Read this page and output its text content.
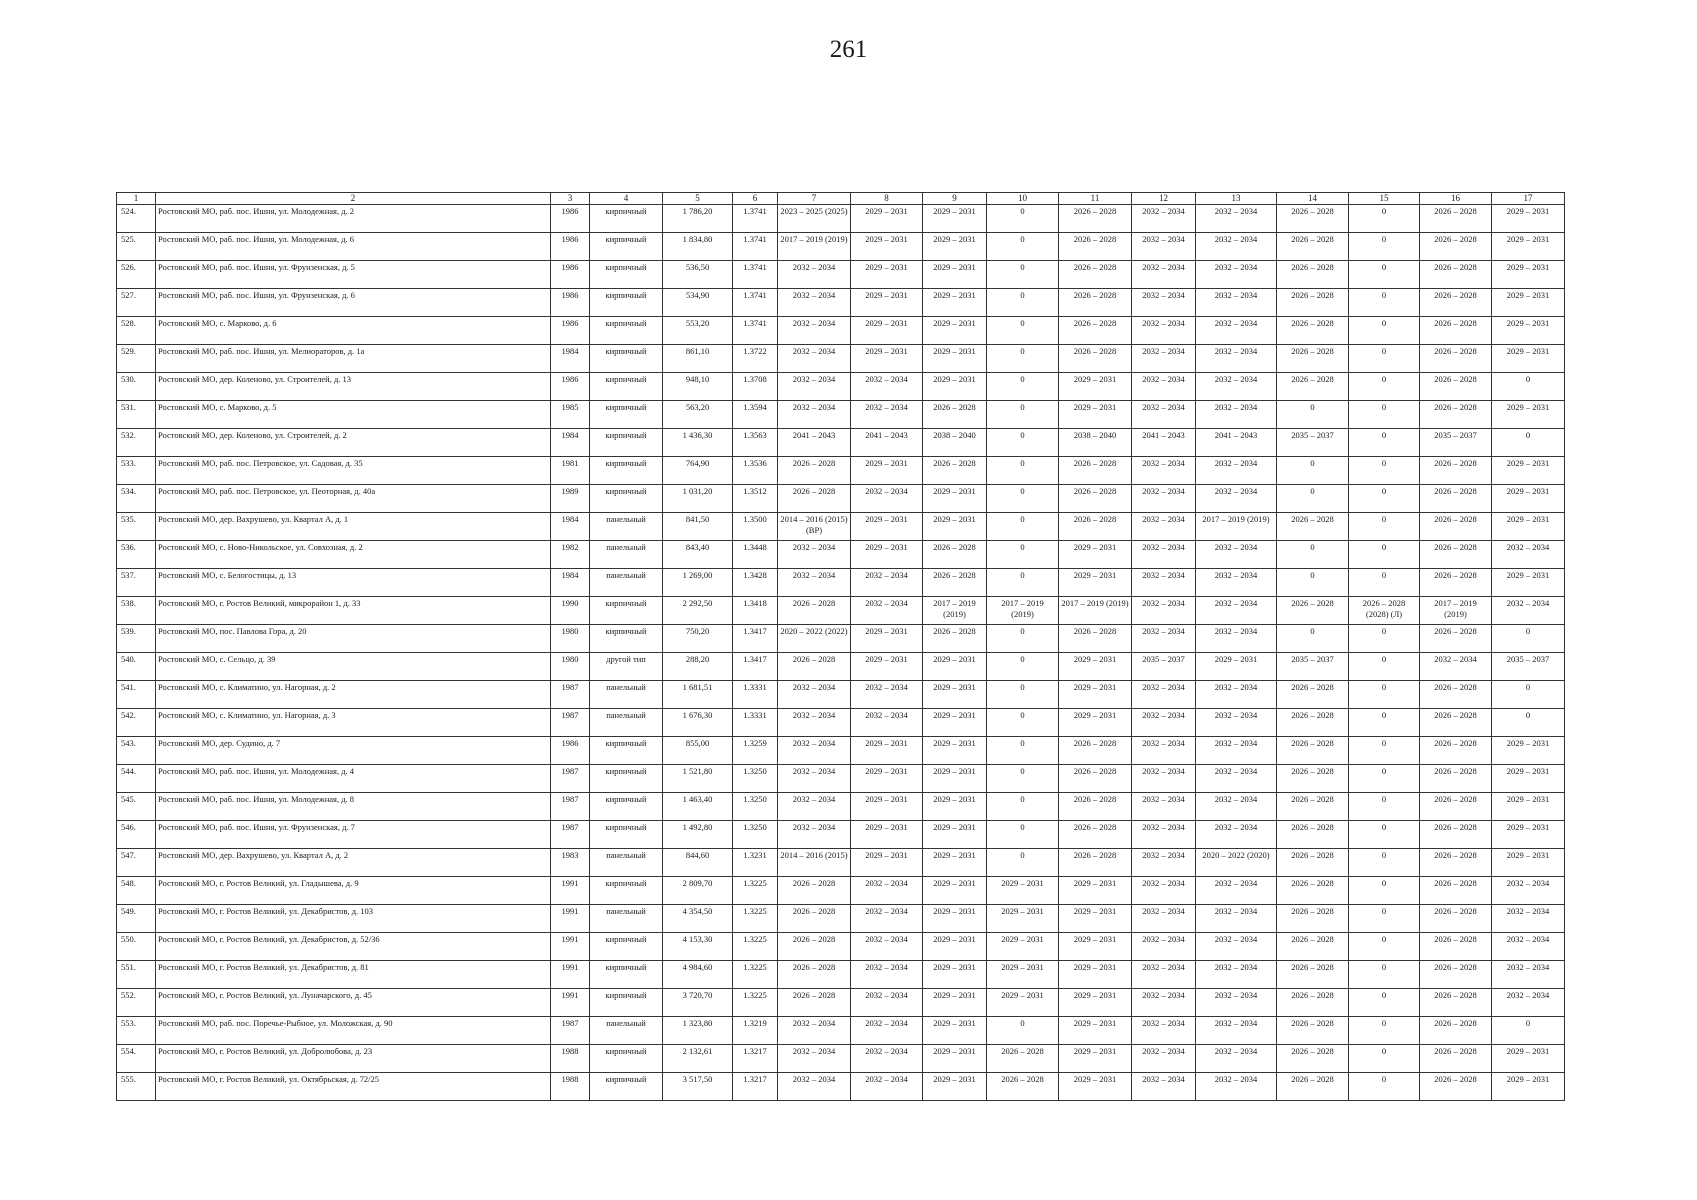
261
1	2	3	4	5	6	7	8	9	10	11	12	13	14	15	16	17
524.	Ростовский МО, раб. пос. Ишня, ул. Молодежная, д. 2	1986	кирпичный	1 786,20	1.3741	2023 – 2025 (2025)	2029 – 2031	2029 – 2031	0	2026 – 2028	2032 – 2034	2032 – 2034	2026 – 2028	0	2026 – 2028	2029 – 2031
525.	Ростовский МО, раб. пос. Ишня, ул. Молодежная, д. 6	1986	кирпичный	1 834,80	1.3741	2017 – 2019 (2019)	2029 – 2031	2029 – 2031	0	2026 – 2028	2032 – 2034	2032 – 2034	2026 – 2028	0	2026 – 2028	2029 – 2031
526.	Ростовский МО, раб. пос. Ишня, ул. Фрунзенская, д. 5	1986	кирпичный	536,50	1.3741	2032 – 2034	2029 – 2031	2029 – 2031	0	2026 – 2028	2032 – 2034	2032 – 2034	2026 – 2028	0	2026 – 2028	2029 – 2031
527.	Ростовский МО, раб. пос. Ишня, ул. Фрунзенская, д. 6	1986	кирпичный	534,90	1.3741	2032 – 2034	2029 – 2031	2029 – 2031	0	2026 – 2028	2032 – 2034	2032 – 2034	2026 – 2028	0	2026 – 2028	2029 – 2031
528.	Ростовский МО, с. Марково, д. 6	1986	кирпичный	553,20	1.3741	2032 – 2034	2029 – 2031	2029 – 2031	0	2026 – 2028	2032 – 2034	2032 – 2034	2026 – 2028	0	2026 – 2028	2029 – 2031
529.	Ростовский МО, раб. пос. Ишня, ул. Мелиораторов, д. 1а	1984	кирпичный	861,10	1.3722	2032 – 2034	2029 – 2031	2029 – 2031	0	2026 – 2028	2032 – 2034	2032 – 2034	2026 – 2028	0	2026 – 2028	2029 – 2031
530.	Ростовский МО, дер. Коленово, ул. Строителей, д. 13	1986	кирпичный	948,10	1.3708	2032 – 2034	2032 – 2034	2029 – 2031	0	2029 – 2031	2032 – 2034	2032 – 2034	2026 – 2028	0	2026 – 2028	0
531.	Ростовский МО, с. Марково, д. 5	1985	кирпичный	563,20	1.3594	2032 – 2034	2032 – 2034	2026 – 2028	0	2029 – 2031	2032 – 2034	2032 – 2034	0	0	2026 – 2028	2029 – 2031
532.	Ростовский МО, дер. Коленово, ул. Строителей, д. 2	1984	кирпичный	1 436,30	1.3563	2041 – 2043	2041 – 2043	2038 – 2040	0	2038 – 2040	2041 – 2043	2041 – 2043	2035 – 2037	0	2035 – 2037	0
533.	Ростовский МО, раб. пос. Петровское, ул. Садовая, д. 35	1981	кирпичный	764,90	1.3536	2026 – 2028	2029 – 2031	2026 – 2028	0	2026 – 2028	2032 – 2034	2032 – 2034	0	0	2026 – 2028	2029 – 2031
534.	Ростовский МО, раб. пос. Петровское, ул. Пеоторная, д. 40а	1989	кирпичный	1 031,20	1.3512	2026 – 2028	2032 – 2034	2029 – 2031	0	2026 – 2028	2032 – 2034	2032 – 2034	0	0	2026 – 2028	2029 – 2031
535.	Ростовский МО, дер. Вахрушево, ул. Квартал А, д. 1	1984	панельный	841,50	1.3500	2014 – 2016 (2015) (ВР)	2029 – 2031	2029 – 2031	0	2026 – 2028	2032 – 2034	2017 – 2019 (2019)	2026 – 2028	0	2026 – 2028	2029 – 2031
536.	Ростовский МО, с. Ново-Никольское, ул. Совхозная, д. 2	1982	панельный	843,40	1.3448	2032 – 2034	2029 – 2031	2026 – 2028	0	2029 – 2031	2032 – 2034	2032 – 2034	0	0	2026 – 2028	2032 – 2034
537.	Ростовский МО, с. Белогостицы, д. 13	1984	панельный	1 269,00	1.3428	2032 – 2034	2032 – 2034	2026 – 2028	0	2029 – 2031	2032 – 2034	2032 – 2034	0	0	2026 – 2028	2029 – 2031
538.	Ростовский МО, г. Ростов Великий, микрорайон 1, д. 33	1990	кирпичный	2 292,50	1.3418	2026 – 2028	2032 – 2034	2017 – 2019 (2019)	2017 – 2019 (2019)	2017 – 2019 (2019)	2032 – 2034	2032 – 2034	2026 – 2028	2026 – 2028 (2028) (Л)	2017 – 2019 (2019)	2032 – 2034
539.	Ростовский МО, пос. Павлова Гора, д. 20	1980	кирпичный	750,20	1.3417	2020 – 2022 (2022)	2029 – 2031	2026 – 2028	0	2026 – 2028	2032 – 2034	2032 – 2034	0	0	2026 – 2028	0
540.	Ростовский МО, с. Сельцо, д. 39	1980	другой тип	288,20	1.3417	2026 – 2028	2029 – 2031	2029 – 2031	0	2029 – 2031	2035 – 2037	2029 – 2031	2035 – 2037	0	2032 – 2034	2035 – 2037
541.	Ростовский МО, с. Климатино, ул. Нагорная, д. 2	1987	панельный	1 681,51	1.3331	2032 – 2034	2032 – 2034	2029 – 2031	0	2029 – 2031	2032 – 2034	2032 – 2034	2026 – 2028	0	2026 – 2028	0
542.	Ростовский МО, с. Климатино, ул. Нагорная, д. 3	1987	панельный	1 676,30	1.3331	2032 – 2034	2032 – 2034	2029 – 2031	0	2029 – 2031	2032 – 2034	2032 – 2034	2026 – 2028	0	2026 – 2028	0
543.	Ростовский МО, дер. Судино, д. 7	1986	кирпичный	855,00	1.3259	2032 – 2034	2029 – 2031	2029 – 2031	0	2026 – 2028	2032 – 2034	2032 – 2034	2026 – 2028	0	2026 – 2028	2029 – 2031
544.	Ростовский МО, раб. пос. Ишня, ул. Молодежная, д. 4	1987	кирпичный	1 521,80	1.3250	2032 – 2034	2029 – 2031	2029 – 2031	0	2026 – 2028	2032 – 2034	2032 – 2034	2026 – 2028	0	2026 – 2028	2029 – 2031
545.	Ростовский МО, раб. пос. Ишня, ул. Молодежная, д. 8	1987	кирпичный	1 463,40	1.3250	2032 – 2034	2029 – 2031	2029 – 2031	0	2026 – 2028	2032 – 2034	2032 – 2034	2026 – 2028	0	2026 – 2028	2029 – 2031
546.	Ростовский МО, раб. пос. Ишня, ул. Фрунзенская, д. 7	1987	кирпичный	1 492,80	1.3250	2032 – 2034	2029 – 2031	2029 – 2031	0	2026 – 2028	2032 – 2034	2032 – 2034	2026 – 2028	0	2026 – 2028	2029 – 2031
547.	Ростовский МО, дер. Вахрушево, ул. Квартал А, д. 2	1983	панельный	844,60	1.3231	2014 – 2016 (2015)	2029 – 2031	2029 – 2031	0	2026 – 2028	2032 – 2034	2020 – 2022 (2020)	2026 – 2028	0	2026 – 2028	2029 – 2031
548.	Ростовский МО, г. Ростов Великий, ул. Гладышева, д. 9	1991	кирпичный	2 809,70	1.3225	2026 – 2028	2032 – 2034	2029 – 2031	2029 – 2031	2029 – 2031	2032 – 2034	2032 – 2034	2026 – 2028	0	2026 – 2028	2032 – 2034
549.	Ростовский МО, г. Ростов Великий, ул. Декабристов, д. 103	1991	панельный	4 354,50	1.3225	2026 – 2028	2032 – 2034	2029 – 2031	2029 – 2031	2029 – 2031	2032 – 2034	2032 – 2034	2026 – 2028	0	2026 – 2028	2032 – 2034
550.	Ростовский МО, г. Ростов Великий, ул. Декабристов, д. 52/36	1991	кирпичный	4 153,30	1.3225	2026 – 2028	2032 – 2034	2029 – 2031	2029 – 2031	2029 – 2031	2032 – 2034	2032 – 2034	2026 – 2028	0	2026 – 2028	2032 – 2034
551.	Ростовский МО, г. Ростов Великий, ул. Декабристов, д. 81	1991	кирпичный	4 984,60	1.3225	2026 – 2028	2032 – 2034	2029 – 2031	2029 – 2031	2029 – 2031	2032 – 2034	2032 – 2034	2026 – 2028	0	2026 – 2028	2032 – 2034
552.	Ростовский МО, г. Ростов Великий, ул. Луначарского, д. 45	1991	кирпичный	3 720,70	1.3225	2026 – 2028	2032 – 2034	2029 – 2031	2029 – 2031	2029 – 2031	2032 – 2034	2032 – 2034	2026 – 2028	0	2026 – 2028	2032 – 2034
553.	Ростовский МО, раб. пос. Поречье-Рыбное, ул. Моложская, д. 90	1987	панельный	1 323,80	1.3219	2032 – 2034	2032 – 2034	2029 – 2031	0	2029 – 2031	2032 – 2034	2032 – 2034	2026 – 2028	0	2026 – 2028	0
554.	Ростовский МО, г. Ростов Великий, ул. Добролюбова, д. 23	1988	кирпичный	2 132,61	1.3217	2032 – 2034	2032 – 2034	2029 – 2031	2026 – 2028	2029 – 2031	2032 – 2034	2032 – 2034	2026 – 2028	0	2026 – 2028	2029 – 2031
555.	Ростовский МО, г. Ростов Великий, ул. Октябрьская, д. 72/25	1988	кирпичный	3 517,50	1.3217	2032 – 2034	2032 – 2034	2029 – 2031	2026 – 2028	2029 – 2031	2032 – 2034	2032 – 2034	2026 – 2028	0	2026 – 2028	2029 – 2031
